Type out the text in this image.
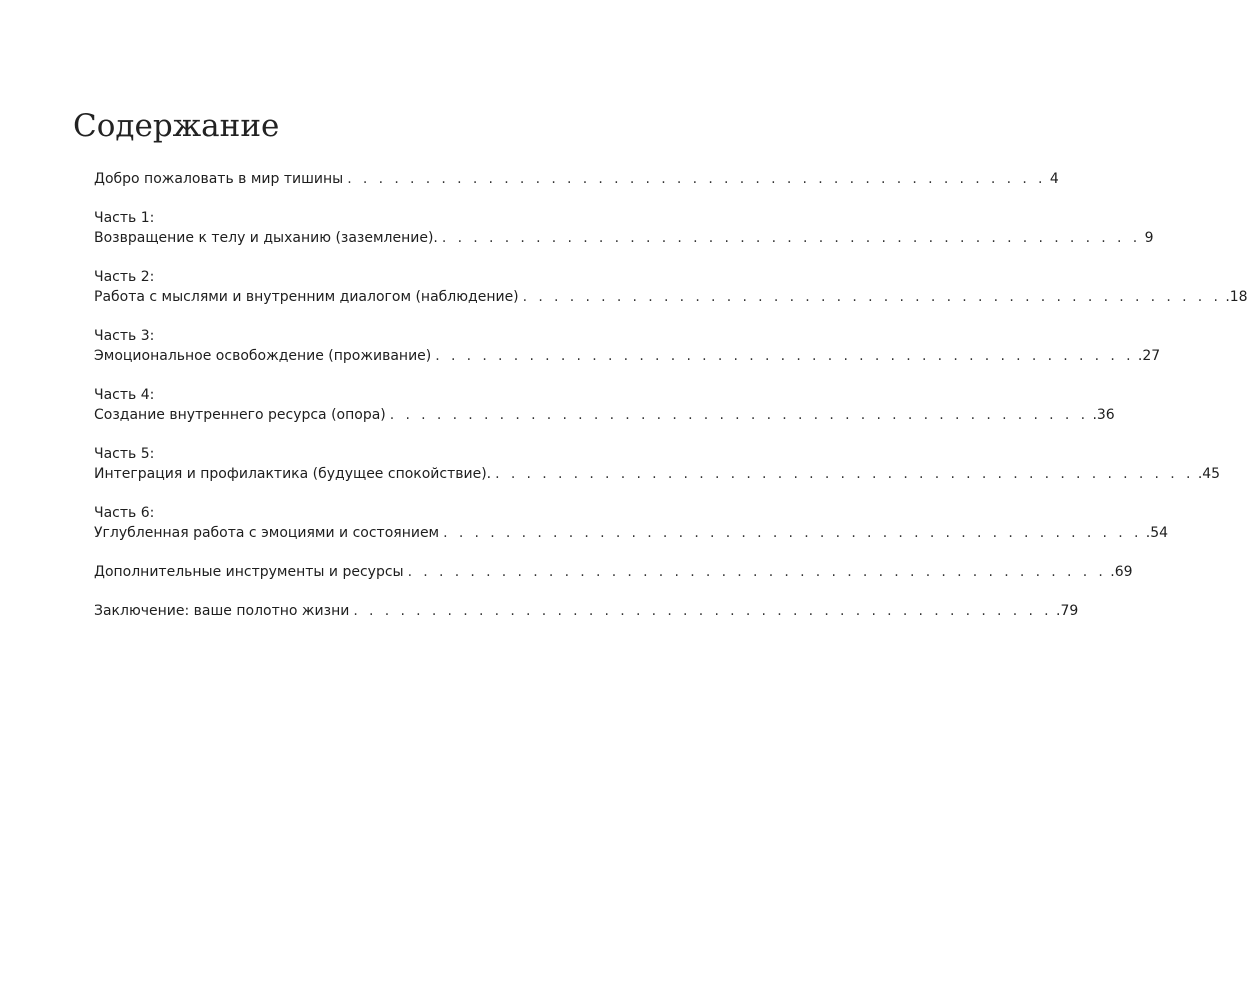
Содержание
Добро пожаловать в мир тишины . . . . . . . . . . . . . . . . . . . . . . . . . . . . . . . . . . . . . . . . . . . . . 4
Часть 1:
Возвращение к телу и дыханию (заземление). . . . . . . . . . . . . . . . . . . . . . . . . . . . . . . . . . . . . . . . . . . . . . 9
Часть 2:
Работа с мыслями и внутренним диалогом (наблюдение) . . . . . . . . . . . . . . . . . . . . . . . . . . . . . . . . . . . . . . . . . . . . . .18
Часть 3:
Эмоциональное освобождение (проживание) . . . . . . . . . . . . . . . . . . . . . . . . . . . . . . . . . . . . . . . . . . . . . .27
Часть 4:
Создание внутреннего ресурса (опора) . . . . . . . . . . . . . . . . . . . . . . . . . . . . . . . . . . . . . . . . . . . . . .36
Часть 5:
Интеграция и профилактика (будущее спокойствие). . . . . . . . . . . . . . . . . . . . . . . . . . . . . . . . . . . . . . . . . . . . . . .45
Часть 6:
Углубленная работа с эмоциями и состоянием . . . . . . . . . . . . . . . . . . . . . . . . . . . . . . . . . . . . . . . . . . . . . .54
Дополнительные инструменты и ресурсы . . . . . . . . . . . . . . . . . . . . . . . . . . . . . . . . . . . . . . . . . . . . . .69
Заключение: ваше полотно жизни . . . . . . . . . . . . . . . . . . . . . . . . . . . . . . . . . . . . . . . . . . . . . .79
